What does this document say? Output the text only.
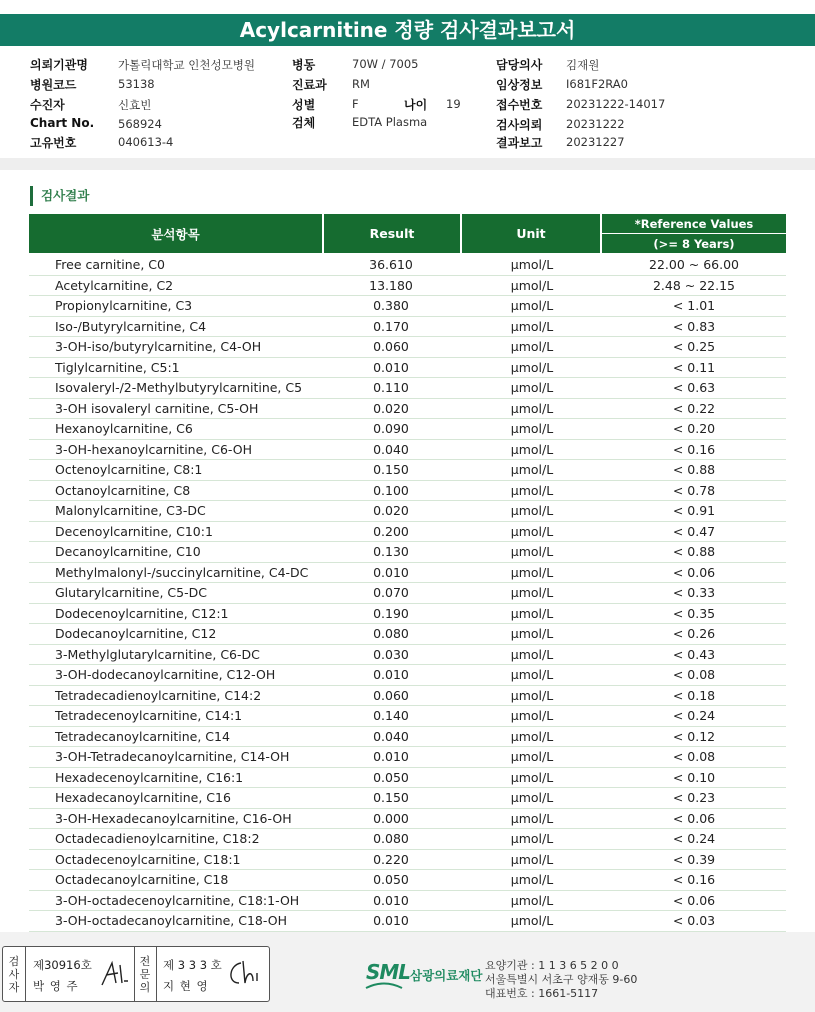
Acylcarnitine 정량 검사결과보고서
의뢰기관명	가톨릭대학교 인천성모병원
병원코드	53138
수진자	신효빈
Chart No. 568924
고유번호	040613-4
병동	70W / 7005
진료과 RM
성별	F	나이 19
검체	EDTA Plasma
담당의사 김재원
임상정보 I681F2RA0
접수번호 20231222-14017
검사의뢰 20231222
결과보고 20231227
검사결과
분석항목	Result	Unit
*Reference Values
(>= 8 Years)
Free carnitine, C0	36.610	µmol/L	22.00 ~ 66.00
Acetylcarnitine, C2	13.180	µmol/L	2.48 ~ 22.15
Propionylcarnitine, C3	0.380	µmol/L	< 1.01
Iso-/Butyrylcarnitine, C4	0.170	µmol/L	< 0.83
3-OH-iso/butyrylcarnitine, C4-OH	0.060	µmol/L	< 0.25
Tiglylcarnitine, C5:1	0.010	µmol/L	< 0.11
Isovaleryl-/2-Methylbutyrylcarnitine, C5	0.110	µmol/L	< 0.63
3-OH isovaleryl carnitine, C5-OH	0.020	µmol/L	< 0.22
Hexanoylcarnitine, C6	0.090	µmol/L	< 0.20
3-OH-hexanoylcarnitine, C6-OH	0.040	µmol/L	< 0.16
Octenoylcarnitine, C8:1	0.150	µmol/L	< 0.88
Octanoylcarnitine, C8	0.100	µmol/L	< 0.78
Malonylcarnitine, C3-DC	0.020	µmol/L	< 0.91
Decenoylcarnitine, C10:1	0.200	µmol/L	< 0.47
Decanoylcarnitine, C10	0.130	µmol/L	< 0.88
Methylmalonyl-/succinylcarnitine, C4-DC	0.010	µmol/L	< 0.06
Glutarylcarnitine, C5-DC	0.070	µmol/L	< 0.33
Dodecenoylcarnitine, C12:1	0.190	µmol/L	< 0.35
Dodecanoylcarnitine, C12	0.080	µmol/L	< 0.26
3-Methylglutarylcarnitine, C6-DC	0.030	µmol/L	< 0.43
3-OH-dodecanoylcarnitine, C12-OH	0.010	µmol/L	< 0.08
Tetradecadienoylcarnitine, C14:2	0.060	µmol/L	< 0.18
Tetradecenoylcarnitine, C14:1	0.140	µmol/L	< 0.24
Tetradecanoylcarnitine, C14	0.040	µmol/L	< 0.12
3-OH-Tetradecanoylcarnitine, C14-OH	0.010	µmol/L	< 0.08
Hexadecenoylcarnitine, C16:1	0.050	µmol/L	< 0.10
Hexadecanoylcarnitine, C16	0.150	µmol/L	< 0.23
3-OH-Hexadecanoylcarnitine, C16-OH	0.000	µmol/L	< 0.06
Octadecadienoylcarnitine, C18:2	0.080	µmol/L	< 0.24
Octadecenoylcarnitine, C18:1	0.220	µmol/L	< 0.39
Octadecanoylcarnitine, C18	0.050	µmol/L	< 0.16
3-OH-octadecenoylcarnitine, C18:1-OH	0.010	µmol/L	< 0.06
3-OH-octadecanoylcarnitine, C18-OH	0.010	µmol/L	< 0.03
검
사
자
제30916호
박 영 주
전
문
의
제 3 3 3 호
지 현 영
SML 삼광의료재단
요양기관 : 1 1 3 6 5 2 0 0
서울특별시 서초구 양재동 9-60
대표번호 : 1661-5117
